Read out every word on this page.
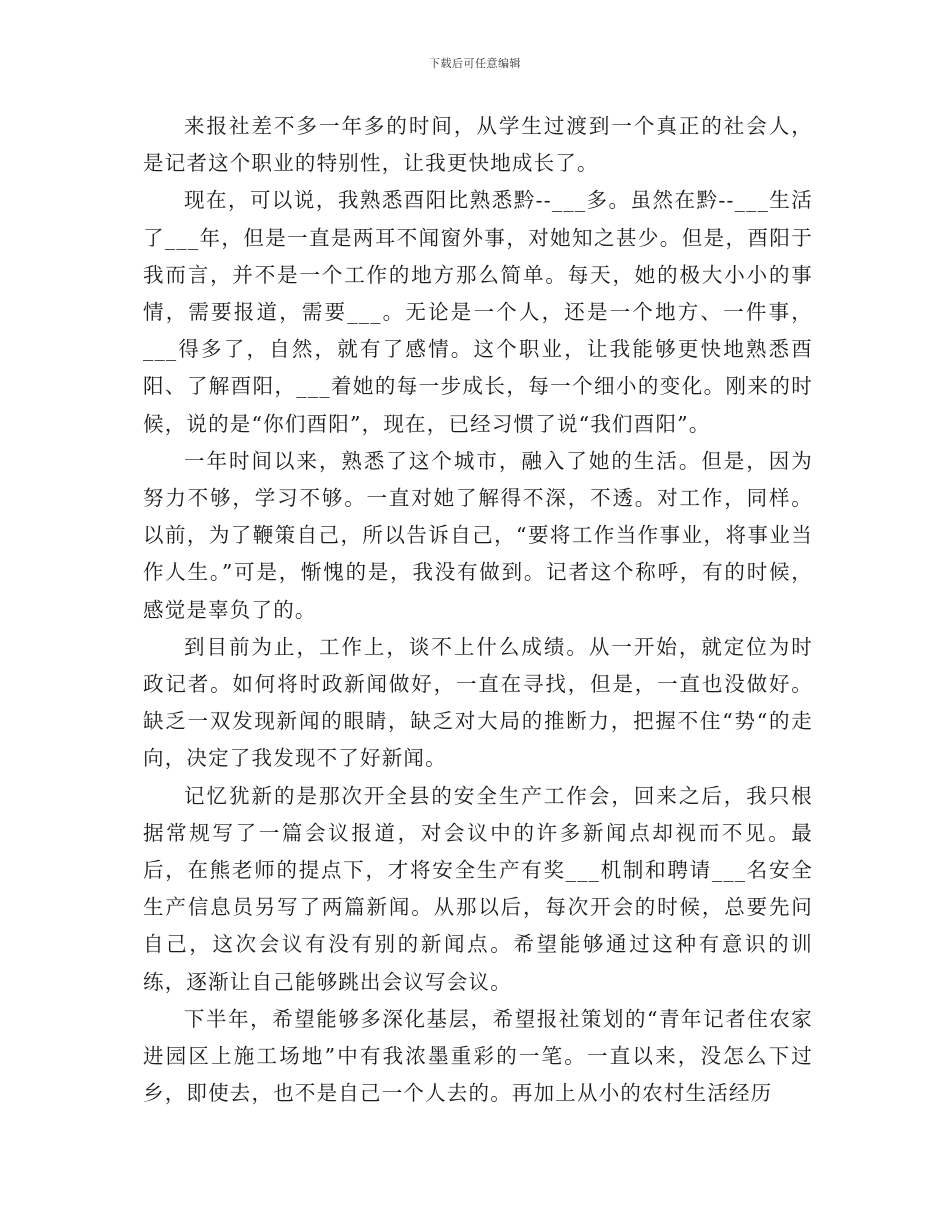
下载后可任意编辑

来报社差不多一年多的时间，从学生过渡到一个真正的社会人，是记者这个职业的特别性，让我更快地成长了。

现在，可以说，我熟悉酉阳比熟悉黔--___多。虽然在黔--___生活了___年，但是一直是两耳不闻窗外事，对她知之甚少。但是，酉阳于我而言，并不是一个工作的地方那么简单。每天，她的极大小小的事情，需要报道，需要___。无论是一个人，还是一个地方、一件事，___得多了，自然，就有了感情。这个职业，让我能够更快地熟悉酉阳、了解酉阳，___着她的每一步成长，每一个细小的变化。刚来的时候，说的是“你们酉阳”，现在，已经习惯了说“我们酉阳”。

一年时间以来，熟悉了这个城市，融入了她的生活。但是，因为努力不够，学习不够。一直对她了解得不深，不透。对工作，同样。以前，为了鞭策自己，所以告诉自己，“要将工作当作事业，将事业当作人生。”可是，惭愧的是，我没有做到。记者这个称呼，有的时候，感觉是辜负了的。

到目前为止，工作上，谈不上什么成绩。从一开始，就定位为时政记者。如何将时政新闻做好，一直在寻找，但是，一直也没做好。缺乏一双发现新闻的眼睛，缺乏对大局的推断力，把握不住“势“的走向，决定了我发现不了好新闻。

记忆犹新的是那次开全县的安全生产工作会，回来之后，我只根据常规写了一篇会议报道，对会议中的许多新闻点却视而不见。最后，在熊老师的提点下，才将安全生产有奖___机制和聘请___名安全生产信息员另写了两篇新闻。从那以后，每次开会的时候，总要先问自己，这次会议有没有别的新闻点。希望能够通过这种有意识的训练，逐渐让自己能够跳出会议写会议。

下半年，希望能够多深化基层，希望报社策划的“青年记者住农家进园区上施工场地”中有我浓墨重彩的一笔。一直以来，没怎么下过乡，即使去，也不是自己一个人去的。再加上从小的农村生活经历
